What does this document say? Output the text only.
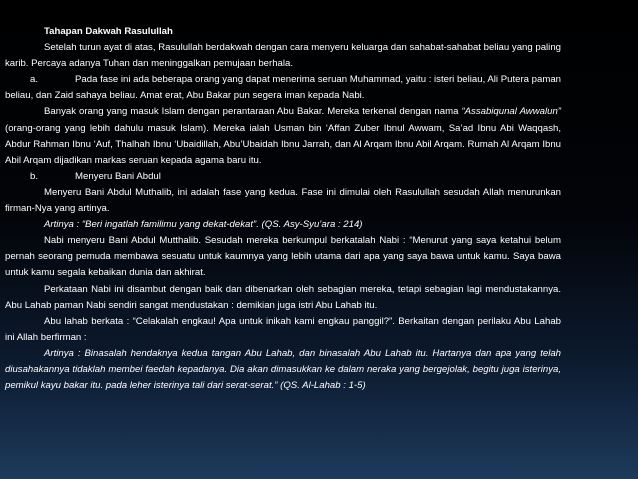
Tahapan Dakwah Rasulullah

Setelah turun ayat di atas, Rasulullah berdakwah dengan cara menyeru keluarga dan sahabat-sahabat beliau yang paling karib. Percaya adanya Tuhan dan meninggalkan pemujaan berhala.

a.	Pada fase ini ada beberapa orang yang dapat menerima seruan Muhammad, yaitu : isteri beliau, Ali Putera paman beliau, dan Zaid sahaya beliau. Amat erat, Abu Bakar pun segera iman kepada Nabi.

Banyak orang yang masuk Islam dengan perantaraan Abu Bakar. Mereka terkenal dengan nama “Assabiqunal Awwalun” (orang-orang yang lebih dahulu masuk Islam). Mereka ialah Usman bin ‘Affan Zuber Ibnul Awwam, Sa’ad Ibnu Abi Waqqash, Abdur Rahman Ibnu ‘Auf, Thalhah Ibnu ‘Ubaidillah, Abu’Ubaidah Ibnu Jarrah, dan Al Arqam Ibnu Abil Arqam. Rumah Al Arqam Ibnu Abil Arqam dijadikan markas seruan kepada agama baru itu.

b.	Menyeru Bani Abdul

Menyeru Bani Abdul Muthalib, ini adalah fase yang kedua. Fase ini dimulai oleh Rasulullah sesudah Allah menurunkan firman-Nya yang artinya.

Artinya : “Beri ingatlah familimu yang dekat-dekat”. (QS. Asy-Syu’ara : 214)

Nabi menyeru Bani Abdul Mutthalib. Sesudah mereka berkumpul berkatalah Nabi : “Menurut yang saya ketahui belum pernah seorang pemuda membawa sesuatu untuk kaumnya yang lebih utama dari apa yang saya bawa untuk kamu. Saya bawa untuk kamu segala kebaikan dunia dan akhirat.

Perkataan Nabi ini disambut dengan baik dan dibenarkan oleh sebagian mereka, tetapi sebagian lagi mendustakannya. Abu Lahab paman Nabi sendiri sangat mendustakan : demikian juga istri Abu Lahab itu.

Abu lahab berkata : “Celakalah engkau! Apa untuk inikah kami engkau panggil?”. Berkaitan dengan perilaku Abu Lahab ini Allah berfirman :

Artinya : Binasalah hendaknya kedua tangan Abu Lahab, dan binasalah Abu Lahab itu. Hartanya dan apa yang telah diusahakannya tidaklah membei faedah kepadanya. Dia akan dimasukkan ke dalam neraka yang bergejolak, begitu juga isterinya, pemikul kayu bakar itu. pada leher isterinya tali dari serat-serat.” (QS. Al-Lahab : 1-5)
